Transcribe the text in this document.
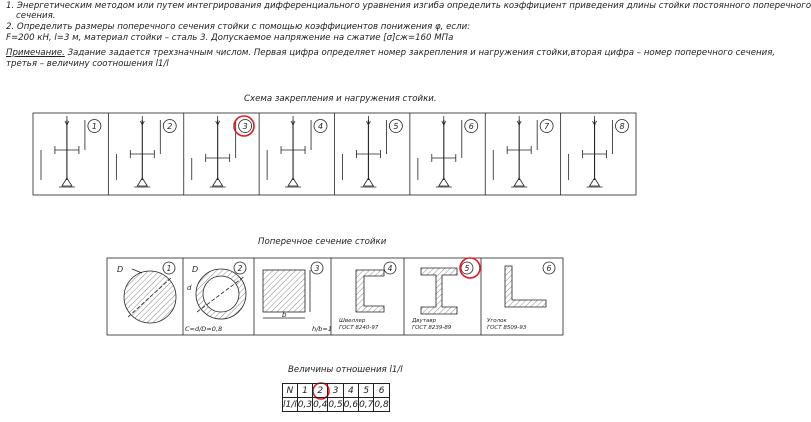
1. Энергетическим методом или путем интегрирования дифференциального уравнения изгиба определить коэффициент приведения длины стойки постоянного поперечного
сечения.
2. Определить размеры поперечного сечения стойки с помощью коэффициентов понижения φ, если:
F=200 кН, l=3 м, материал стойки – сталь 3. Допускаемое напряжение на сжатие [σ]сж=160 МПа
Примечание. Задание задается трехзначным числом. Первая цифра определяет номер закрепления и нагружения стойки,вторая цифра – номер поперечного сечения,
третья – величину соотношения l1/l
Схема закрепления и нагружения стойки.
Поперечное сечение стойки
Величины отношения l1/l
1	2	3	4	5	6	7	8
D	D
d
C=d/D=0,8
b
h/b=1
Швеллер
ГОСТ 8240-97
Двутавр
ГОСТ 8239-89
Уголок
ГОСТ 8509-93
1	2	3	4	5	6
N	1	2	3	4	5	6
l1/l	0,3	0,4	0,5	0,6	0,7	0,8
